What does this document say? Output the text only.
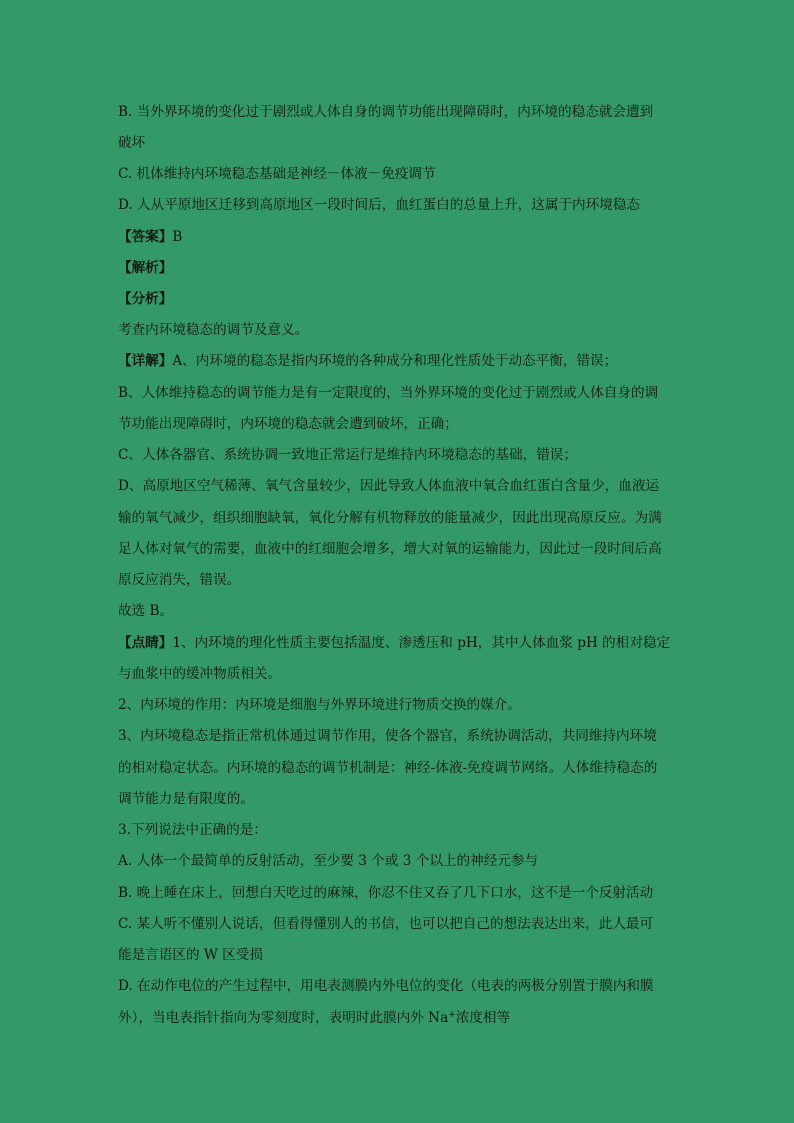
B. 当外界环境的变化过于剧烈或人体自身的调节功能出现障碍时，内环境的稳态就会遭到
破坏
C. 机体维持内环境稳态基础是神经－体液－免疫调节
D. 人从平原地区迁移到高原地区一段时间后，血红蛋白的总量上升，这属于内环境稳态
【答案】B
【解析】
【分析】
考查内环境稳态的调节及意义。
【详解】A、内环境的稳态是指内环境的各种成分和理化性质处于动态平衡，错误；
B、人体维持稳态的调节能力是有一定限度的，当外界环境的变化过于剧烈或人体自身的调
节功能出现障碍时，内环境的稳态就会遭到破坏，正确；
C、人体各器官、系统协调一致地正常运行是维持内环境稳态的基础，错误；
D、高原地区空气稀薄、氧气含量较少，因此导致人体血液中氧合血红蛋白含量少，血液运
输的氧气减少，组织细胞缺氧，氧化分解有机物释放的能量减少，因此出现高原反应。为满
足人体对氧气的需要，血液中的红细胞会增多，增大对氧的运输能力，因此过一段时间后高
原反应消失，错误。
故选 B。
【点睛】1、内环境的理化性质主要包括温度、渗透压和 pH，其中人体血浆 pH 的相对稳定
与血浆中的缓冲物质相关。
2、内环境的作用：内环境是细胞与外界环境进行物质交换的媒介。
3、内环境稳态是指正常机体通过调节作用，使各个器官，系统协调活动，共同维持内环境
的相对稳定状态。内环境的稳态的调节机制是：神经-体液-免疫调节网络。人体维持稳态的
调节能力是有限度的。
3.下列说法中正确的是：
A. 人体一个最简单的反射活动，至少要 3 个或 3 个以上的神经元参与
B. 晚上睡在床上，回想白天吃过的麻辣，你忍不住又吞了几下口水，这不是一个反射活动
C. 某人听不懂别人说话，但看得懂别人的书信，也可以把自己的想法表达出来，此人最可
能是言语区的 W 区受损
D. 在动作电位的产生过程中，用电表测膜内外电位的变化（电表的两极分别置于膜内和膜
外），当电表指针指向为零刻度时，表明时此膜内外 Na+浓度相等
